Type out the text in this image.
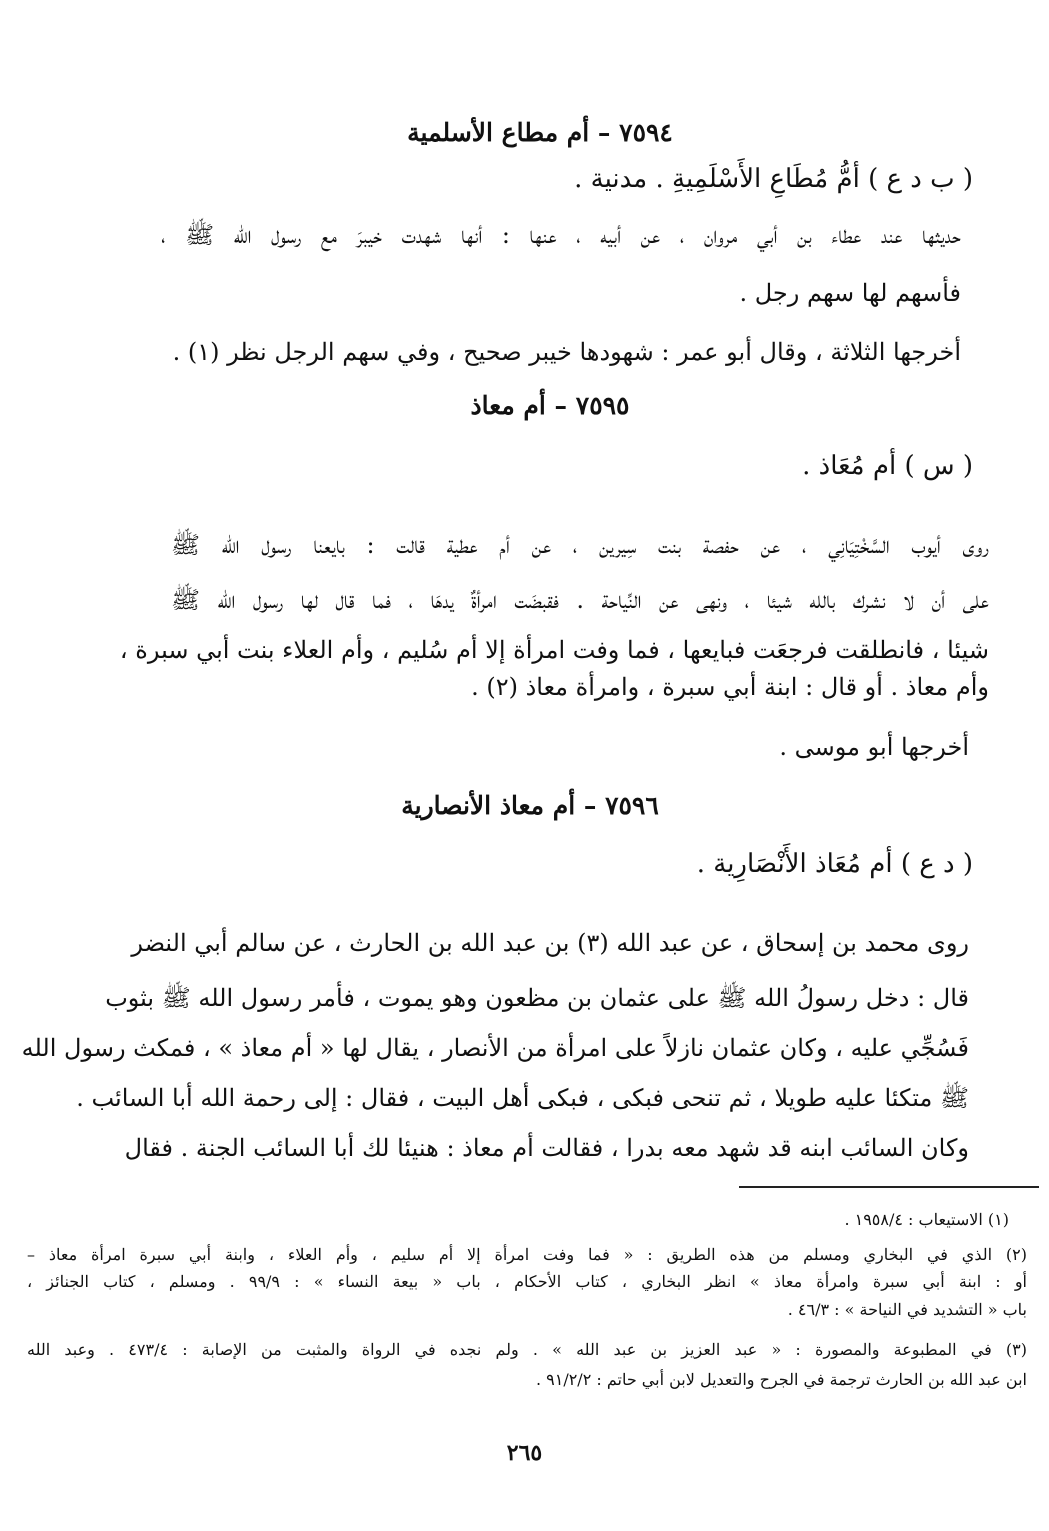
٧٥٩٤ – أم مطاع الأسلمية
( ب د ع ) أمُّ مُطَاعِ الأَسْلَمِيةِ . مدنية .
حديثها عند عطاء بن أبي مروان ، عن أبيه ، عنها : أنها شهدت خيبرَ مع رسول الله ﷺ ،
فأسهم لها سهم رجل .
أخرجها الثلاثة ، وقال أبو عمر : شهودها خيبر صحيح ، وفي سهم الرجل نظر (١) .
٧٥٩٥ – أم معاذ
( س ) أم مُعَاذ .
روى أيوب السَّخْتِيَانِي ، عن حفصة بنت سِيرين ، عن أم عطية قالت : بايعنا رسول الله ﷺ
على أن لا نشرك بالله شيئا ، ونهى عن النِّياحة . فقبضَت امرأةٌ يدهَا ، فما قال لها رسول الله ﷺ
شيئا ، فانطلقت فرجعَت فبايعها ، فما وفت امرأة إلا أم سُليم ، وأم العلاء بنت أبي سبرة ،
وأم معاذ . أو قال : ابنة أبي سبرة ، وامرأة معاذ (٢) .
أخرجها أبو موسى .
٧٥٩٦ – أم معاذ الأنصارية
( د ع ) أم مُعَاذ الأَنْصَارِية .
روى محمد بن إسحاق ، عن عبد الله (٣) بن عبد الله بن الحارث ، عن سالم أبي النضر
قال : دخل رسولُ الله ﷺ على عثمان بن مظعون وهو يموت ، فأمر رسول الله ﷺ بثوب
فَسُجِّي عليه ، وكان عثمان نازلاً على امرأة من الأنصار ، يقال لها « أم معاذ » ، فمكث رسول الله
ﷺ متكئا عليه طويلا ، ثم تنحى فبكى ، فبكى أهل البيت ، فقال : إلى رحمة الله أبا السائب .
وكان السائب ابنه قد شهد معه بدرا ، فقالت أم معاذ : هنيئا لك أبا السائب الجنة . فقال
(١) الاستيعاب : ١٩٥٨/٤ .
(٢) الذي في البخاري ومسلم من هذه الطريق : « فما وفت امرأة إلا أم سليم ، وأم العلاء ، وابنة أبي سبرة امرأة معاذ –
أو : ابنة أبي سبرة وامرأة معاذ » انظر البخاري ، كتاب الأحكام ، باب « بيعة النساء » : ٩٩/٩ . ومسلم ، كتاب الجنائز ،
باب « التشديد في النياحة » : ٤٦/٣ .
(٣) في المطبوعة والمصورة : « عبد العزيز بن عبد الله » . ولم نجده في الرواة والمثبت من الإصابة : ٤٧٣/٤ . وعبد الله
ابن عبد الله بن الحارث ترجمة في الجرح والتعديل لابن أبي حاتم : ٩١/٢/٢ .
٢٦٥
